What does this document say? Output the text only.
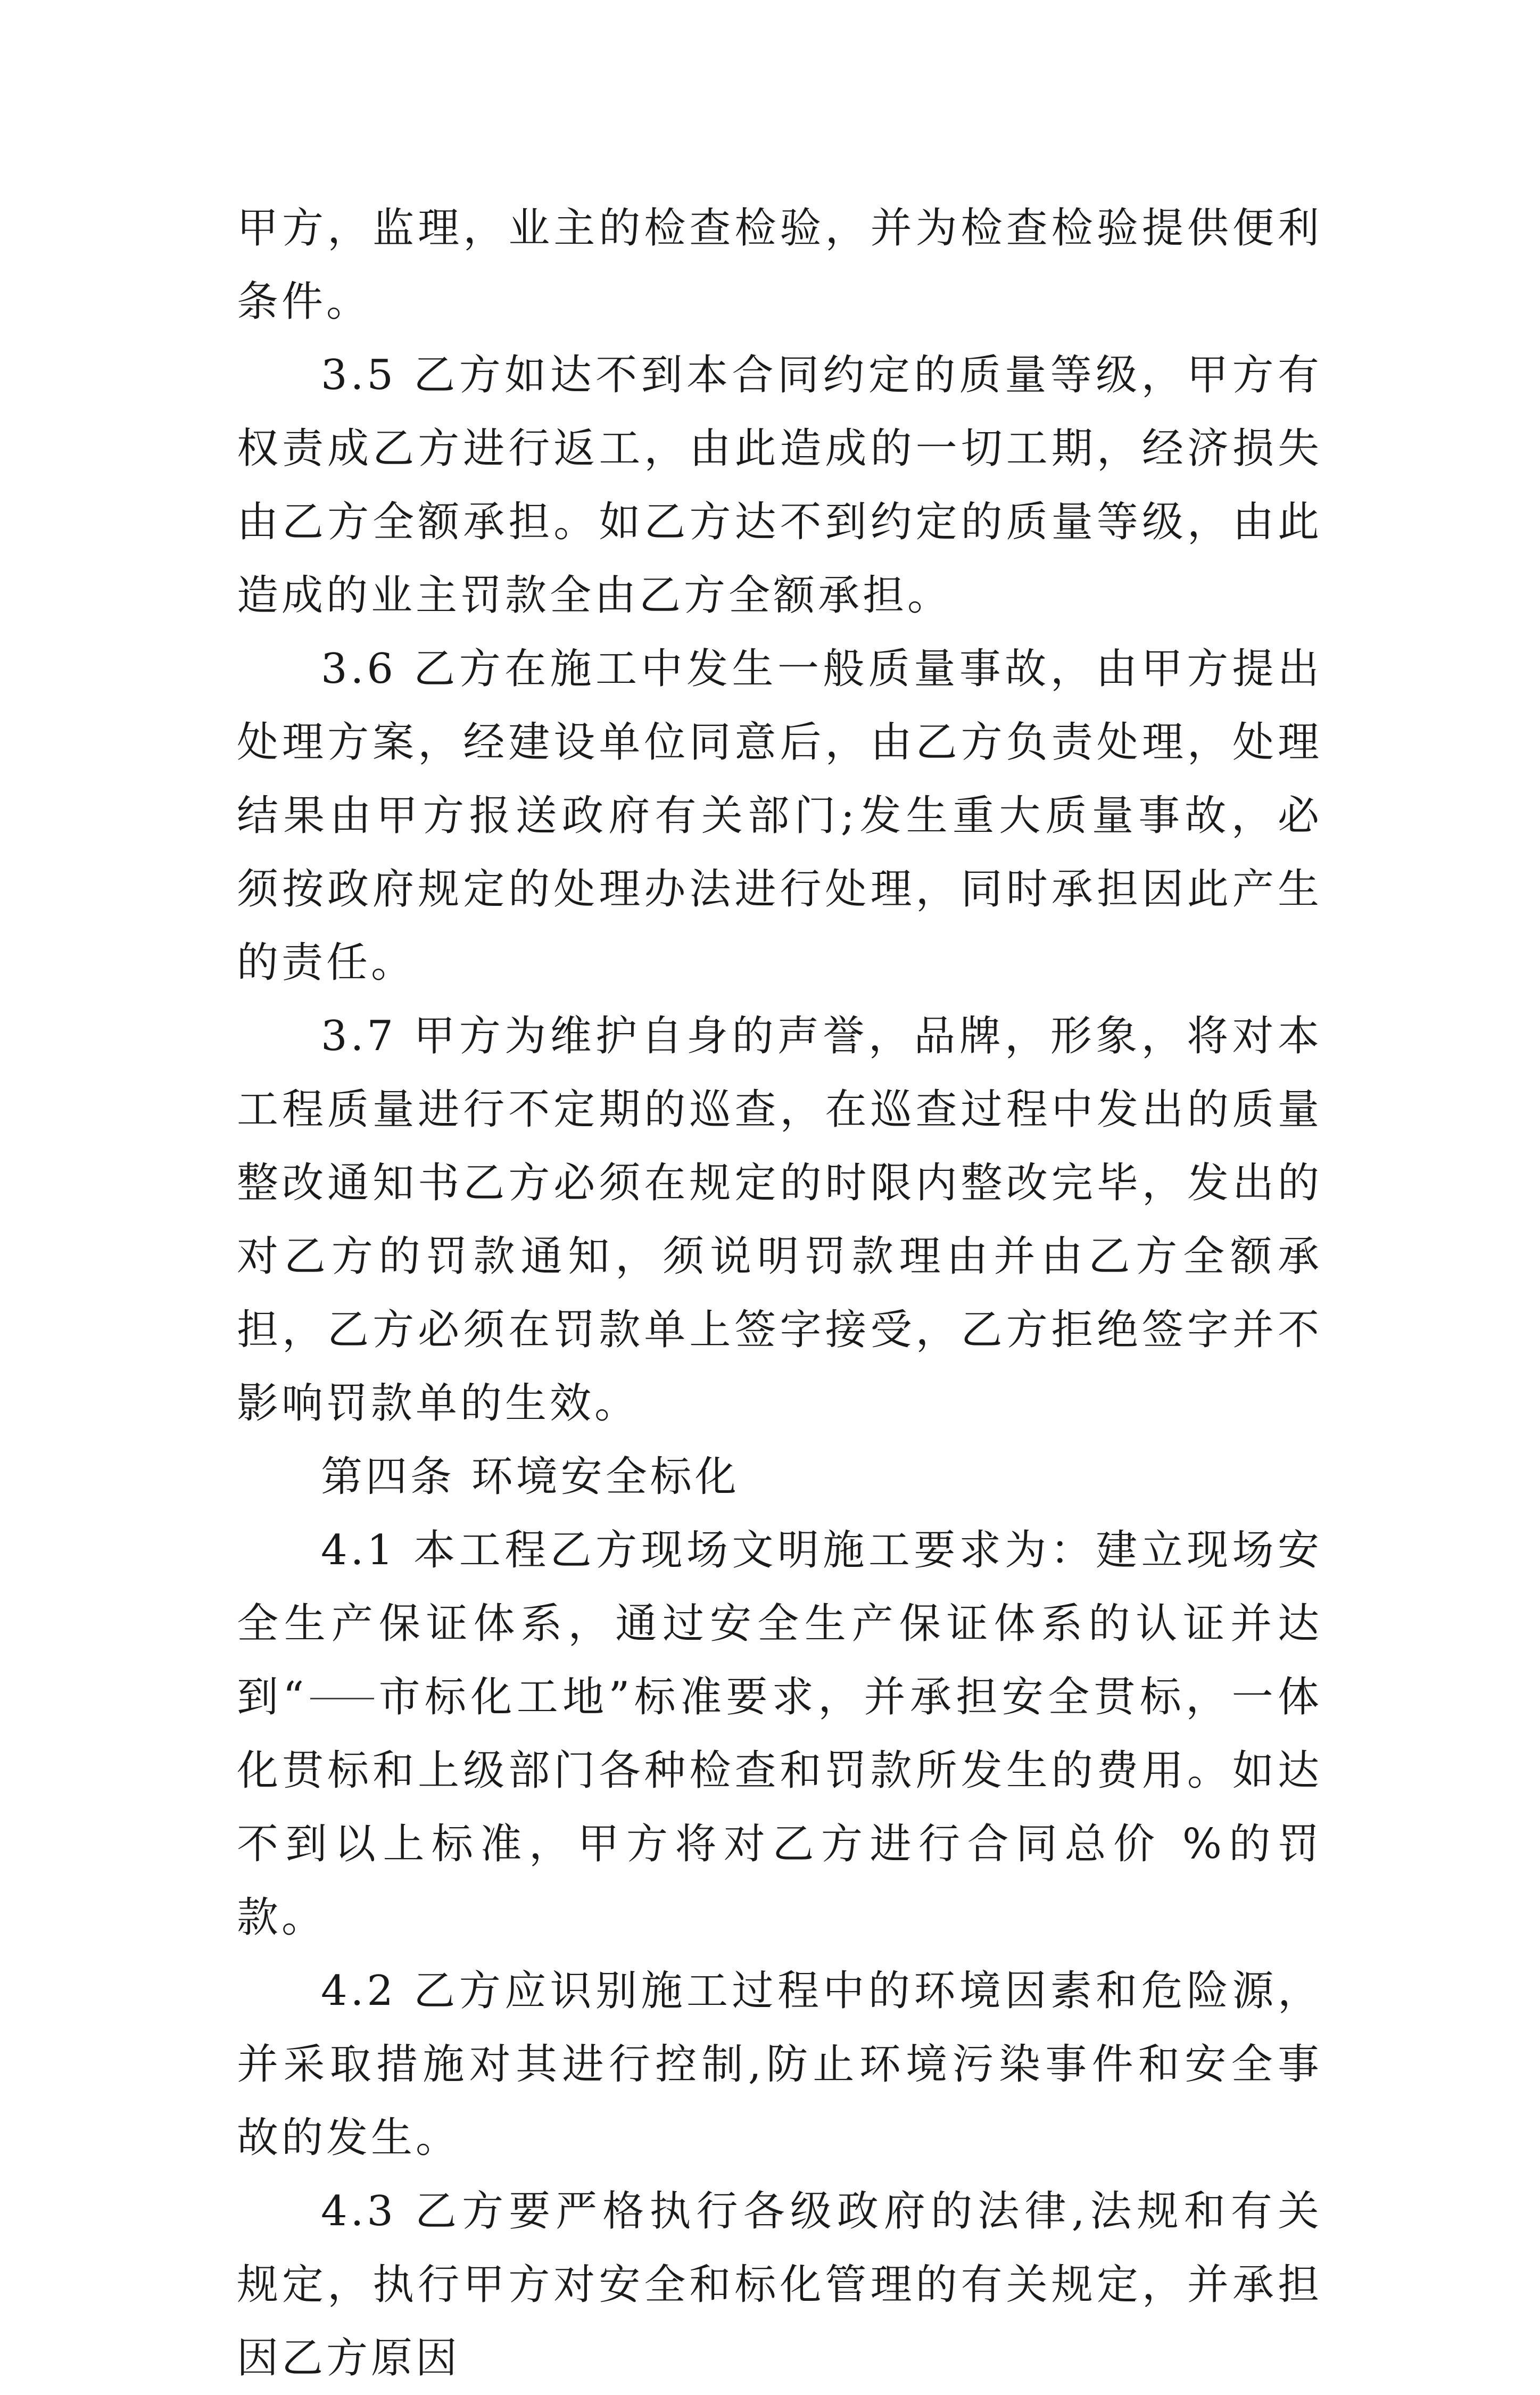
甲方，监理，业主的检查检验，并为检查检验提供便利条件。

3.5 乙方如达不到本合同约定的质量等级，甲方有权责成乙方进行返工，由此造成的一切工期，经济损失由乙方全额承担。如乙方达不到约定的质量等级，由此造成的业主罚款全由乙方全额承担。

3.6 乙方在施工中发生一般质量事故，由甲方提出处理方案，经建设单位同意后，由乙方负责处理，处理结果由甲方报送政府有关部门;发生重大质量事故，必须按政府规定的处理办法进行处理，同时承担因此产生的责任。

3.7 甲方为维护自身的声誉，品牌，形象，将对本工程质量进行不定期的巡查，在巡查过程中发出的质量整改通知书乙方必须在规定的时限内整改完毕，发出的对乙方的罚款通知，须说明罚款理由并由乙方全额承担，乙方必须在罚款单上签字接受，乙方拒绝签字并不影响罚款单的生效。

第四条 环境安全标化

4.1 本工程乙方现场文明施工要求为：建立现场安全生产保证体系，通过安全生产保证体系的认证并达到“ 市标化工地”标准要求，并承担安全贯标，一体化贯标和上级部门各种检查和罚款所发生的费用。如达不到以上标准，甲方将对乙方进行合同总价 %的罚款。

4.2 乙方应识别施工过程中的环境因素和危险源，并采取措施对其进行控制,防止环境污染事件和安全事故的发生。

4.3 乙方要严格执行各级政府的法律,法规和有关规定，执行甲方对安全和标化管理的有关规定，并承担因乙方原因
